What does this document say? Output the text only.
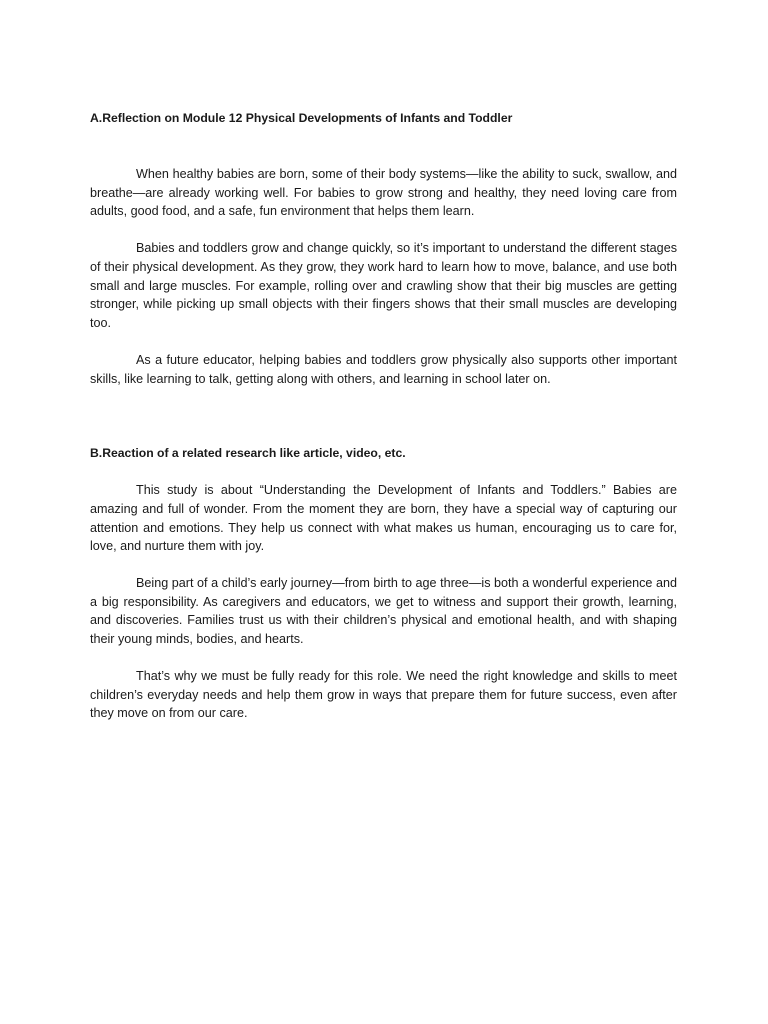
A.Reflection on Module 12 Physical Developments of Infants and Toddler

When healthy babies are born, some of their body systems—like the ability to suck, swallow, and breathe—are already working well. For babies to grow strong and healthy, they need loving care from adults, good food, and a safe, fun environment that helps them learn.

Babies and toddlers grow and change quickly, so it’s important to understand the different stages of their physical development. As they grow, they work hard to learn how to move, balance, and use both small and large muscles. For example, rolling over and crawling show that their big muscles are getting stronger, while picking up small objects with their fingers shows that their small muscles are developing too.

As a future educator, helping babies and toddlers grow physically also supports other important skills, like learning to talk, getting along with others, and learning in school later on.

B.Reaction of a related research like article, video, etc.

This study is about “Understanding the Development of Infants and Toddlers.” Babies are amazing and full of wonder. From the moment they are born, they have a special way of capturing our attention and emotions. They help us connect with what makes us human, encouraging us to care for, love, and nurture them with joy.

Being part of a child’s early journey—from birth to age three—is both a wonderful experience and a big responsibility. As caregivers and educators, we get to witness and support their growth, learning, and discoveries. Families trust us with their children’s physical and emotional health, and with shaping their young minds, bodies, and hearts.

That’s why we must be fully ready for this role. We need the right knowledge and skills to meet children’s everyday needs and help them grow in ways that prepare them for future success, even after they move on from our care.
